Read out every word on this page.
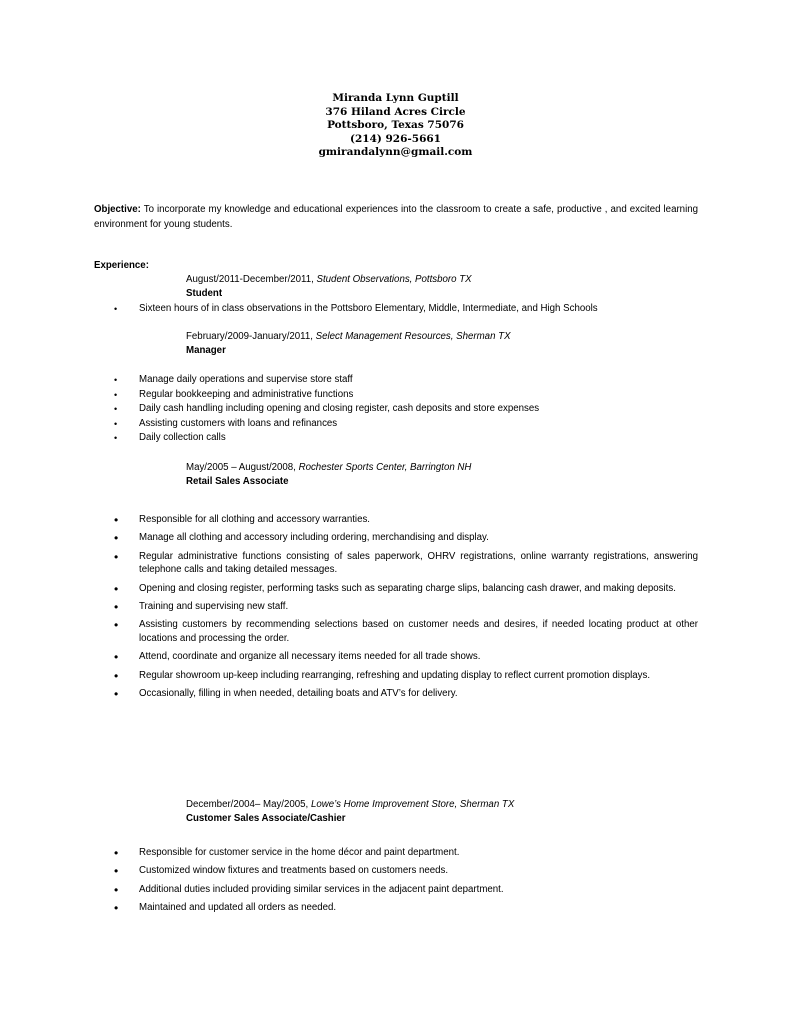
Miranda Lynn Guptill
376 Hiland Acres Circle
Pottsboro, Texas 75076
(214) 926-5661
gmirandalynn@gmail.com
Objective: To incorporate my knowledge and educational experiences into the classroom to create a safe, productive , and excited learning environment for young students.
Experience:
August/2011-December/2011, Student Observations, Pottsboro TX
Student
• Sixteen hours of in class observations in the Pottsboro Elementary, Middle, Intermediate, and High Schools
February/2009-January/2011, Select Management Resources, Sherman TX
Manager
• Manage daily operations and supervise store staff
• Regular bookkeeping and administrative functions
• Daily cash handling including opening and closing register, cash deposits and store expenses
• Assisting customers with loans and refinances
• Daily collection calls
May/2005 – August/2008, Rochester Sports Center, Barrington NH
Retail Sales Associate
• Responsible for all clothing and accessory warranties.
• Manage all clothing and accessory including ordering, merchandising and display.
• Regular administrative functions consisting of sales paperwork, OHRV registrations, online warranty registrations, answering telephone calls and taking detailed messages.
• Opening and closing register, performing tasks such as separating charge slips, balancing cash drawer, and making deposits.
• Training and supervising new staff.
• Assisting customers by recommending selections based on customer needs and desires, if needed locating product at other locations and processing the order.
• Attend, coordinate and organize all necessary items needed for all trade shows.
• Regular showroom up-keep including rearranging, refreshing and updating display to reflect current promotion displays.
• Occasionally, filling in when needed, detailing boats and ATV’s for delivery.
December/2004– May/2005, Lowe’s Home Improvement Store, Sherman TX
Customer Sales Associate/Cashier
• Responsible for customer service in the home décor and paint department.
• Customized window fixtures and treatments based on customers needs.
• Additional duties included providing similar services in the adjacent paint department.
• Maintained and updated all orders as needed.
